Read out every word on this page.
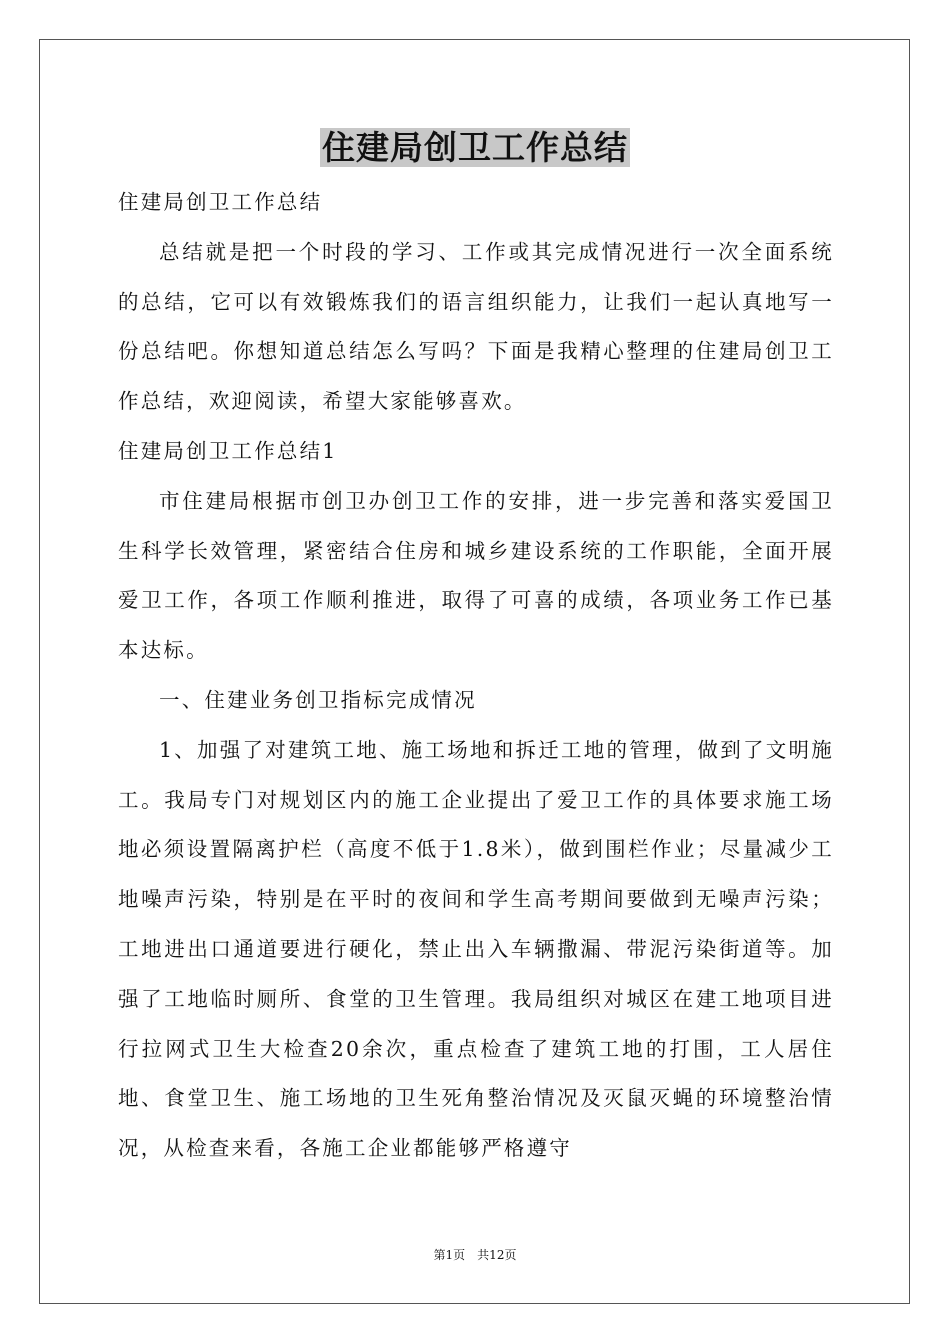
住建局创卫工作总结

住建局创卫工作总结

总结就是把一个时段的学习、工作或其完成情况进行一次全面系统的总结，它可以有效锻炼我们的语言组织能力，让我们一起认真地写一份总结吧。你想知道总结怎么写吗？下面是我精心整理的住建局创卫工作总结，欢迎阅读，希望大家能够喜欢。

住建局创卫工作总结1

市住建局根据市创卫办创卫工作的安排，进一步完善和落实爱国卫生科学长效管理，紧密结合住房和城乡建设系统的工作职能，全面开展爱卫工作，各项工作顺利推进，取得了可喜的成绩，各项业务工作已基本达标。

一、住建业务创卫指标完成情况

1、加强了对建筑工地、施工场地和拆迁工地的管理，做到了文明施工。我局专门对规划区内的施工企业提出了爱卫工作的具体要求施工场地必须设置隔离护栏（高度不低于1.8米），做到围栏作业；尽量减少工地噪声污染，特别是在平时的夜间和学生高考期间要做到无噪声污染；工地进出口通道要进行硬化，禁止出入车辆撒漏、带泥污染街道等。加强了工地临时厕所、食堂的卫生管理。我局组织对城区在建工地项目进行拉网式卫生大检查20余次，重点检查了建筑工地的打围，工人居住地、食堂卫生、施工场地的卫生死角整治情况及灭鼠灭蝇的环境整治情况，从检查来看，各施工企业都能够严格遵守

第1页　共12页
